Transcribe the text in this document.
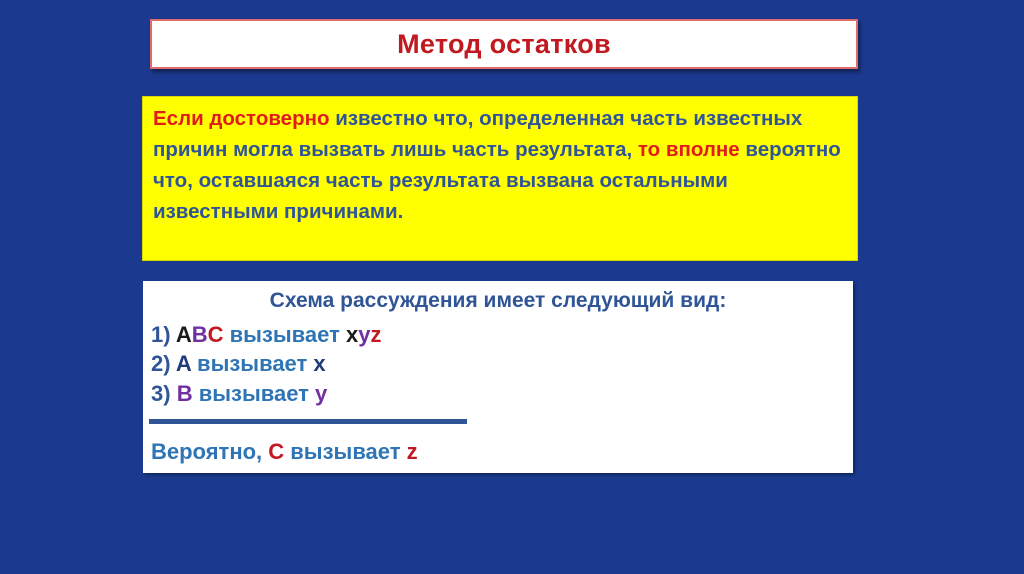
Метод остатков
Если достоверно известно что, определенная часть известных причин могла вызвать лишь часть результата, то вполне вероятно что, оставшаяся часть результата вызвана остальными известными причинами.
Схема рассуждения имеет следующий вид:
1) ABC вызывает xyz
2) A вызывает x
3) B вызывает y
Вероятно, C вызывает z
